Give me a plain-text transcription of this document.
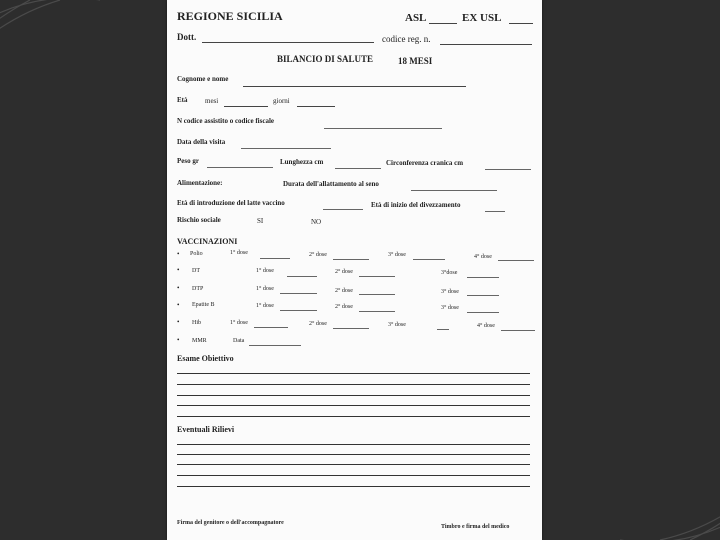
REGIONE SICILIA	ASL	EX USL
Dott.	codice reg. n.
BILANCIO DI SALUTE	18 MESI
Cognome e nome
Età	mesi	giorni
N codice assistito o codice fiscale
Data della visita
Peso gr	Lunghezza cm	Circonferenza cranica cm
Alimentazione:	Durata dell'allattamento al seno
Età di introduzione del latte vaccino	Età di inizio del divezzamento
Rischio sociale	SI	NO
VACCINAZIONI
• Polio	1° dose	2° dose	3° dose	4° dose
• DT	1° dose	2° dose	3°dose
• DTP	1° dose	2° dose	3° dose
• Epatite B	1° dose	2° dose	3° dose
• Hib	1° dose	2° dose	3° dose	4° dose
• MMR	Data
Esame Obiettivo
Eventuali Rilievi
Firma del genitore o dell'accompagnatore
Timbro e firma del medico
